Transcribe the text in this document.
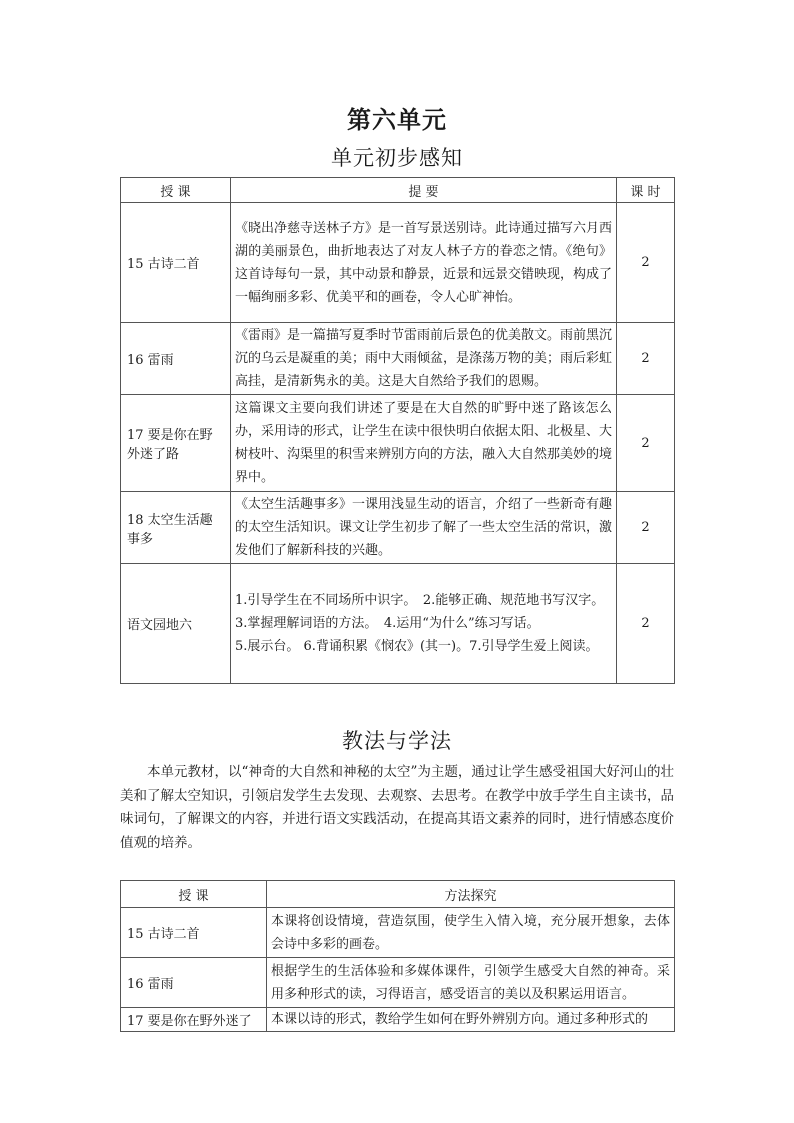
第六单元
单元初步感知
授 课	提 要	课 时
15 古诗二首	《晓出净慈寺送林子方》是一首写景送别诗。此诗通过描写六月西湖的美丽景色，曲折地表达了对友人林子方的眷恋之情。《绝句》这首诗每句一景，其中动景和静景，近景和远景交错映现，构成了一幅绚丽多彩、优美平和的画卷，令人心旷神怡。	2
16 雷雨	《雷雨》是一篇描写夏季时节雷雨前后景色的优美散文。雨前黑沉沉的乌云是凝重的美；雨中大雨倾盆，是涤荡万物的美；雨后彩虹高挂，是清新隽永的美。这是大自然给予我们的恩赐。	2
17 要是你在野外迷了路	这篇课文主要向我们讲述了要是在大自然的旷野中迷了路该怎么办，采用诗的形式，让学生在读中很快明白依据太阳、北极星、大树枝叶、沟渠里的积雪来辨别方向的方法，融入大自然那美妙的境界中。	2
18 太空生活趣事多	《太空生活趣事多》一课用浅显生动的语言，介绍了一些新奇有趣的太空生活知识。课文让学生初步了解了一些太空生活的常识，激发他们了解新科技的兴趣。	2
语文园地六	1.引导学生在不同场所中识字。　2.能够正确、规范地书写汉字。
3.掌握理解词语的方法。　4.运用“为什么”练习写话。
5.展示台。 6.背诵积累《悯农》(其一)。7.引导学生爱上阅读。	2
教法与学法
本单元教材，以“神奇的大自然和神秘的太空”为主题，通过让学生感受祖国大好河山的壮美和了解太空知识，引领启发学生去发现、去观察、去思考。在教学中放手学生自主读书，品味词句，了解课文的内容，并进行语文实践活动，在提高其语文素养的同时，进行情感态度价值观的培养。
授 课	方法探究
15 古诗二首	本课将创设情境，营造氛围，使学生入情入境，充分展开想象，去体会诗中多彩的画卷。
16 雷雨	根据学生的生活体验和多媒体课件，引领学生感受大自然的神奇。采用多种形式的读，习得语言，感受语言的美以及积累运用语言。
17 要是你在野外迷了	本课以诗的形式，教给学生如何在野外辨别方向。通过多种形式的
